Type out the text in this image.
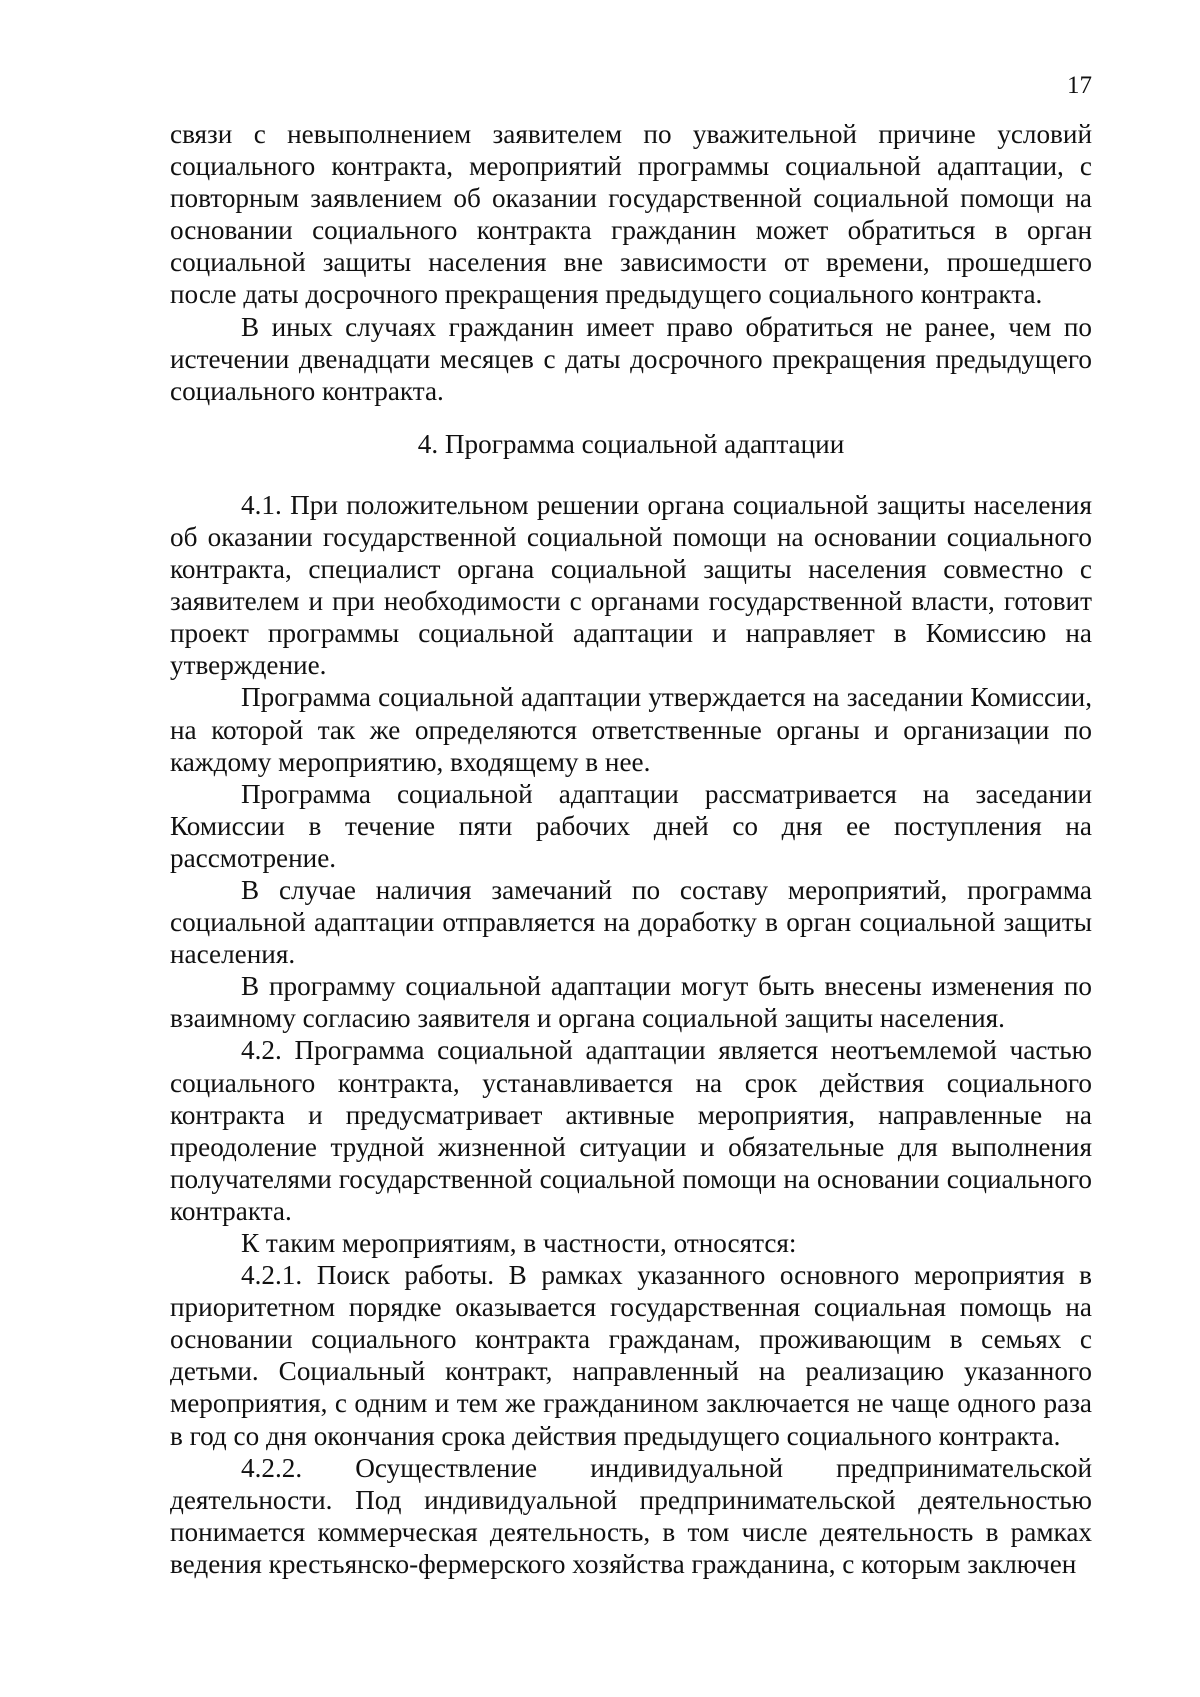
17

связи с невыполнением заявителем по уважительной причине условий социального контракта, мероприятий программы социальной адаптации, с повторным заявлением об оказании государственной социальной помощи на основании социального контракта гражданин может обратиться в орган социальной защиты населения вне зависимости от времени, прошедшего после даты досрочного прекращения предыдущего социального контракта.

В иных случаях гражданин имеет право обратиться не ранее, чем по истечении двенадцати месяцев с даты досрочного прекращения предыдущего социального контракта.

4. Программа социальной адаптации

4.1. При положительном решении органа социальной защиты населения об оказании государственной социальной помощи на основании социального контракта, специалист органа социальной защиты населения совместно с заявителем и при необходимости с органами государственной власти, готовит проект программы социальной адаптации и направляет в Комиссию на утверждение.

Программа социальной адаптации утверждается на заседании Комиссии, на которой так же определяются ответственные органы и организации по каждому мероприятию, входящему в нее.

Программа социальной адаптации рассматривается на заседании Комиссии в течение пяти рабочих дней со дня ее поступления на рассмотрение.

В случае наличия замечаний по составу мероприятий, программа социальной адаптации отправляется на доработку в орган социальной защиты населения.

В программу социальной адаптации могут быть внесены изменения по взаимному согласию заявителя и органа социальной защиты населения.

4.2. Программа социальной адаптации является неотъемлемой частью социального контракта, устанавливается на срок действия социального контракта и предусматривает активные мероприятия, направленные на преодоление трудной жизненной ситуации и обязательные для выполнения получателями государственной социальной помощи на основании социального контракта.

К таким мероприятиям, в частности, относятся:

4.2.1. Поиск работы. В рамках указанного основного мероприятия в приоритетном порядке оказывается государственная социальная помощь на основании социального контракта гражданам, проживающим в семьях с детьми. Социальный контракт, направленный на реализацию указанного мероприятия, с одним и тем же гражданином заключается не чаще одного раза в год со дня окончания срока действия предыдущего социального контракта.

4.2.2. Осуществление индивидуальной предпринимательской деятельности. Под индивидуальной предпринимательской деятельностью понимается коммерческая деятельность, в том числе деятельность в рамках ведения крестьянско-фермерского хозяйства гражданина, с которым заключен
